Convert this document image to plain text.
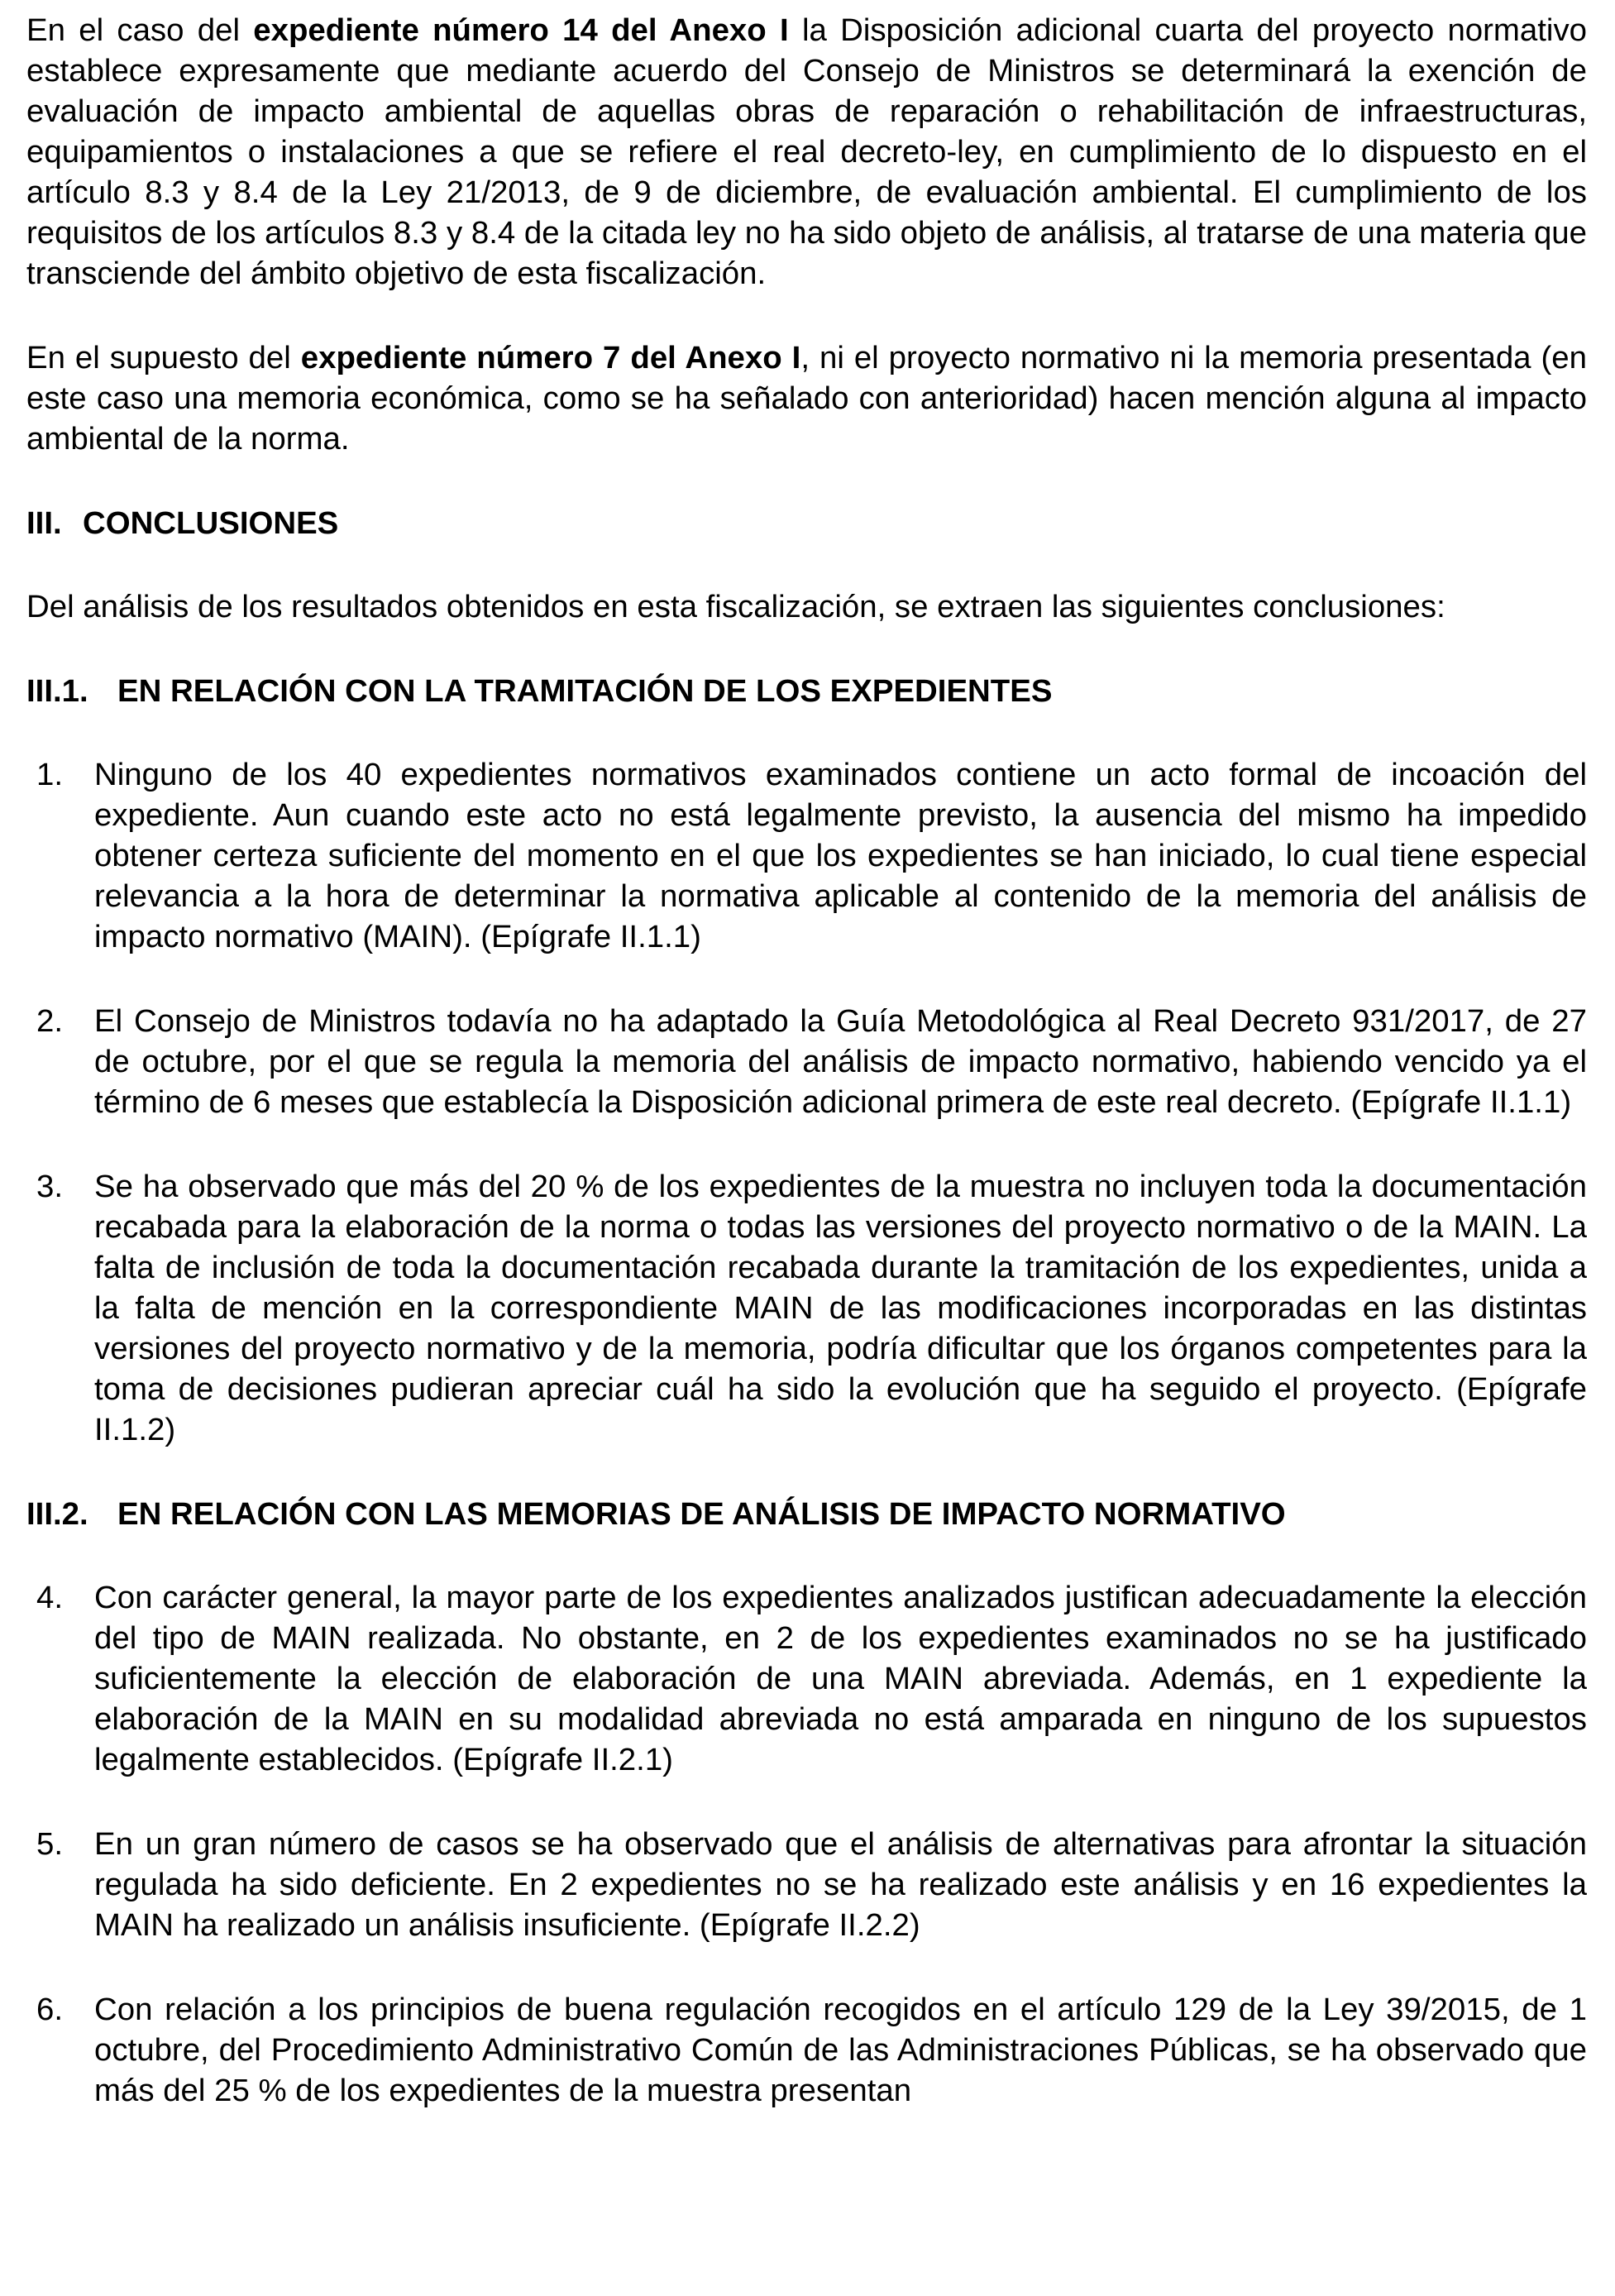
En el caso del expediente número 14 del Anexo I la Disposición adicional cuarta del proyecto normativo establece expresamente que mediante acuerdo del Consejo de Ministros se determinará la exención de evaluación de impacto ambiental de aquellas obras de reparación o rehabilitación de infraestructuras, equipamientos o instalaciones a que se refiere el real decreto-ley, en cumplimiento de lo dispuesto en el artículo 8.3 y 8.4 de la Ley 21/2013, de 9 de diciembre, de evaluación ambiental. El cumplimiento de los requisitos de los artículos 8.3 y 8.4 de la citada ley no ha sido objeto de análisis, al tratarse de una materia que transciende del ámbito objetivo de esta fiscalización.

En el supuesto del expediente número 7 del Anexo I, ni el proyecto normativo ni la memoria presentada (en este caso una memoria económica, como se ha señalado con anterioridad) hacen mención alguna al impacto ambiental de la norma.

III. CONCLUSIONES

Del análisis de los resultados obtenidos en esta fiscalización, se extraen las siguientes conclusiones:

III.1. EN RELACIÓN CON LA TRAMITACIÓN DE LOS EXPEDIENTES
1. Ninguno de los 40 expedientes normativos examinados contiene un acto formal de incoación del expediente. Aun cuando este acto no está legalmente previsto, la ausencia del mismo ha impedido obtener certeza suficiente del momento en el que los expedientes se han iniciado, lo cual tiene especial relevancia a la hora de determinar la normativa aplicable al contenido de la memoria del análisis de impacto normativo (MAIN). (Epígrafe II.1.1)
2. El Consejo de Ministros todavía no ha adaptado la Guía Metodológica al Real Decreto 931/2017, de 27 de octubre, por el que se regula la memoria del análisis de impacto normativo, habiendo vencido ya el término de 6 meses que establecía la Disposición adicional primera de este real decreto. (Epígrafe II.1.1)
3. Se ha observado que más del 20 % de los expedientes de la muestra no incluyen toda la documentación recabada para la elaboración de la norma o todas las versiones del proyecto normativo o de la MAIN. La falta de inclusión de toda la documentación recabada durante la tramitación de los expedientes, unida a la falta de mención en la correspondiente MAIN de las modificaciones incorporadas en las distintas versiones del proyecto normativo y de la memoria, podría dificultar que los órganos competentes para la toma de decisiones pudieran apreciar cuál ha sido la evolución que ha seguido el proyecto. (Epígrafe II.1.2)
III.2. EN RELACIÓN CON LAS MEMORIAS DE ANÁLISIS DE IMPACTO NORMATIVO
4. Con carácter general, la mayor parte de los expedientes analizados justifican adecuadamente la elección del tipo de MAIN realizada. No obstante, en 2 de los expedientes examinados no se ha justificado suficientemente la elección de elaboración de una MAIN abreviada. Además, en 1 expediente la elaboración de la MAIN en su modalidad abreviada no está amparada en ninguno de los supuestos legalmente establecidos. (Epígrafe II.2.1)
5. En un gran número de casos se ha observado que el análisis de alternativas para afrontar la situación regulada ha sido deficiente. En 2 expedientes no se ha realizado este análisis y en 16 expedientes la MAIN ha realizado un análisis insuficiente. (Epígrafe II.2.2)
6. Con relación a los principios de buena regulación recogidos en el artículo 129 de la Ley 39/2015, de 1 octubre, del Procedimiento Administrativo Común de las Administraciones Públicas, se ha observado que más del 25 % de los expedientes de la muestra presentan
